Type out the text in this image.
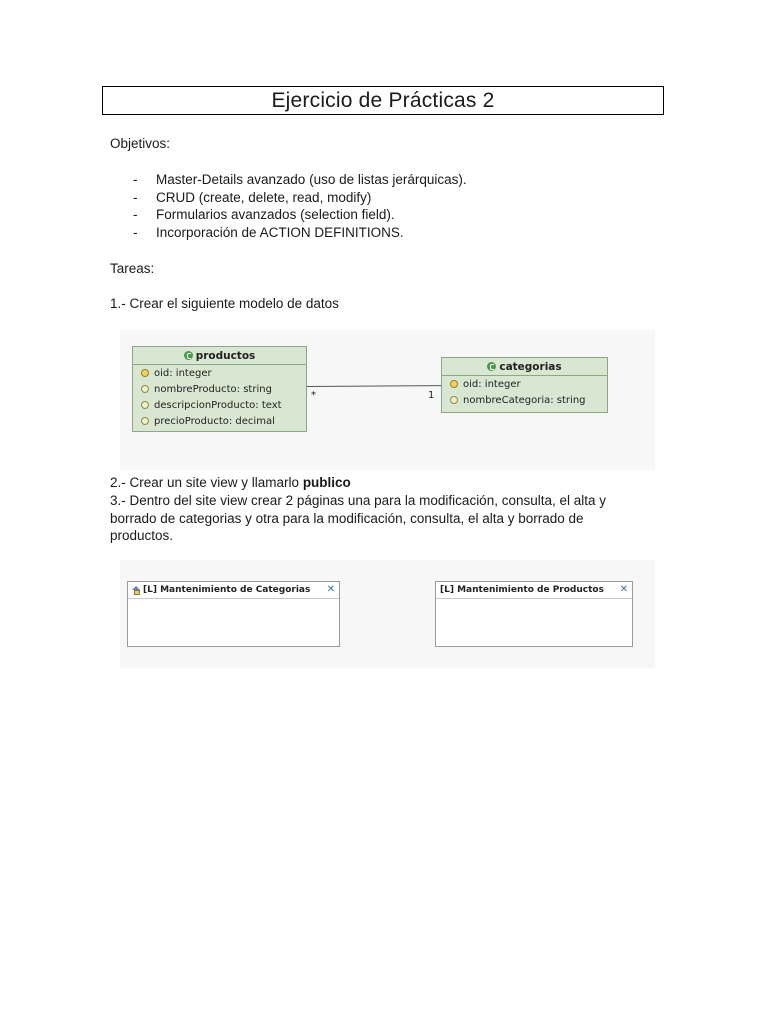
Ejercicio de Prácticas 2
Objetivos:
-	Master-Details avanzado (uso de listas jerárquicas).
-	CRUD (create, delete, read, modify)
-	Formularios avanzados (selection field).
-	Incorporación de ACTION DEFINITIONS.
Tareas:
1.- Crear el siguiente modelo de datos
productos
oid: integer
nombreProducto: string
descripcionProducto: text
precioProducto: decimal
*	1
categorias
oid: integer
nombreCategoria: string
2.- Crear un site view y llamarlo publico
3.- Dentro del site view crear 2 páginas una para la modificación, consulta, el alta y
borrado de categorias y otra para la modificación, consulta, el alta y borrado de
productos.
[L] Mantenimiento de Categorias ✕	[L] Mantenimiento de Productos ✕
